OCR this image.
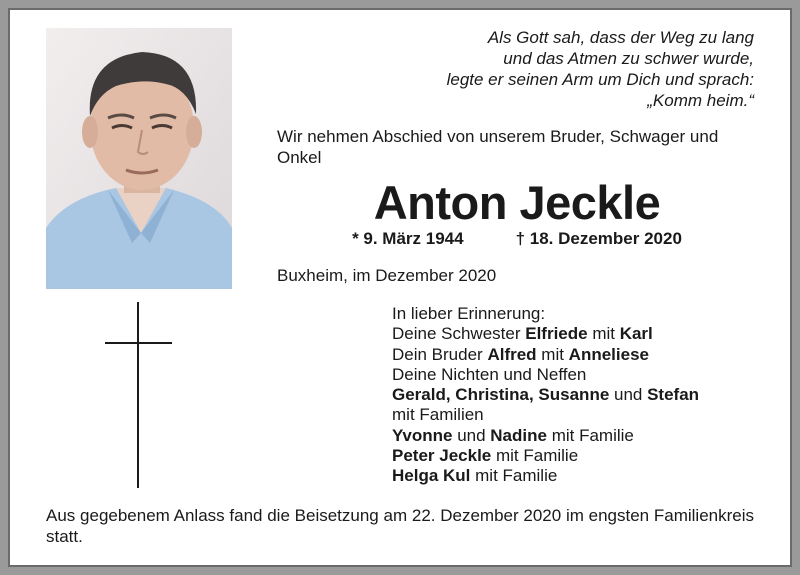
Als Gott sah, dass der Weg zu lang
und das Atmen zu schwer wurde,
legte er seinen Arm um Dich und sprach:
„Komm heim.“
Wir nehmen Abschied von unserem Bruder, Schwager und Onkel
Anton Jeckle
* 9. März 1944	† 18. Dezember 2020
Buxheim, im Dezember 2020
In lieber Erinnerung:
Deine Schwester Elfriede mit Karl
Dein Bruder Alfred mit Anneliese
Deine Nichten und Neffen
Gerald, Christina, Susanne und Stefan
mit Familien
Yvonne und Nadine mit Familie
Peter Jeckle mit Familie
Helga Kul mit Familie
Aus gegebenem Anlass fand die Beisetzung am 22. Dezember 2020 im engsten Familienkreis statt.
